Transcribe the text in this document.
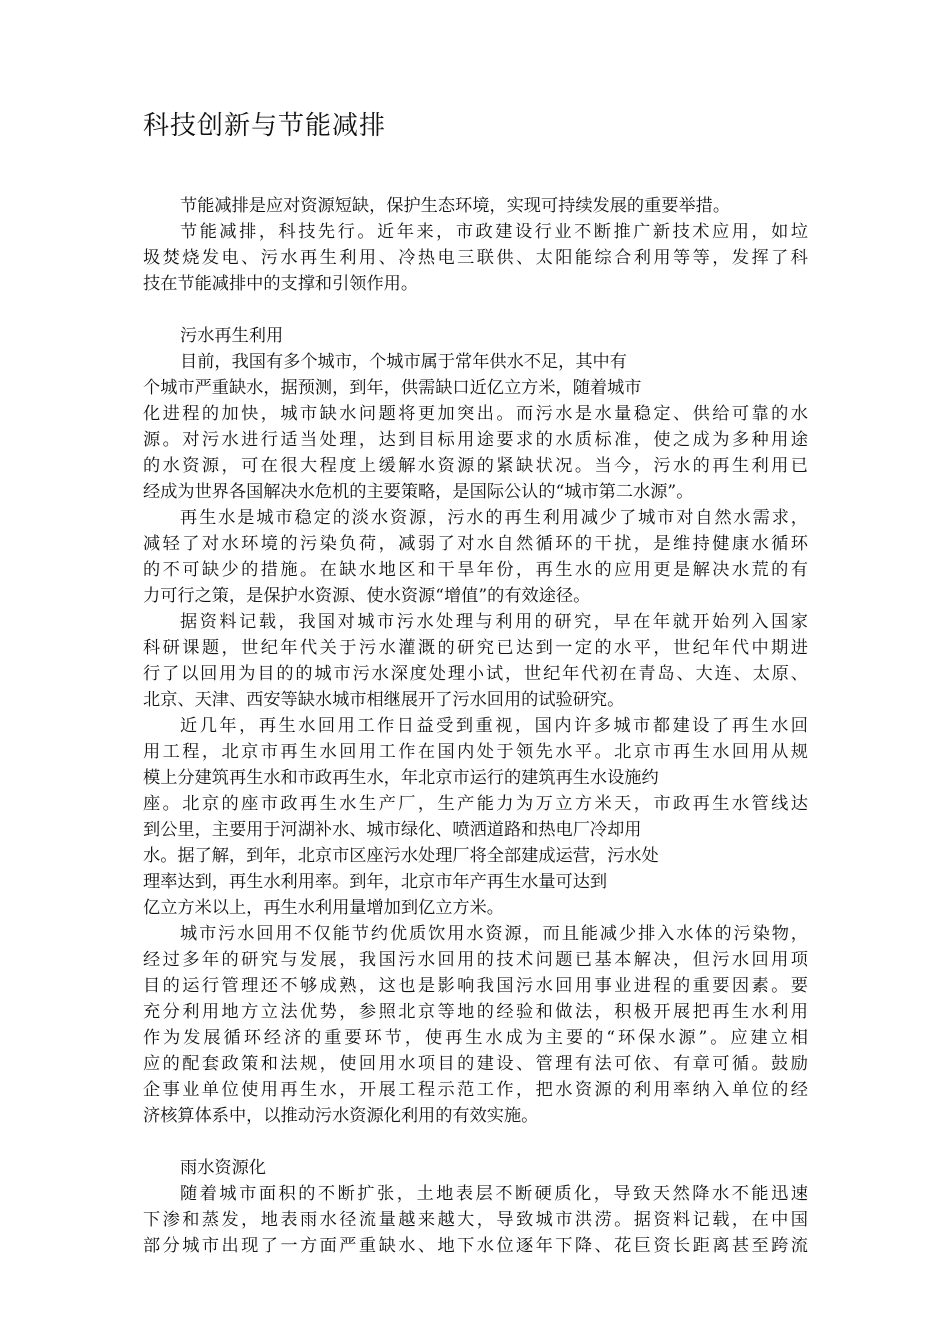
科技创新与节能减排
节能减排是应对资源短缺，保护生态环境，实现可持续发展的重要举措。
节能减排，科技先行。近年来，市政建设行业不断推广新技术应用，如垃
圾焚烧发电、污水再生利用、冷热电三联供、太阳能综合利用等等，发挥了科
技在节能减排中的支撑和引领作用。
污水再生利用
目前，我国有多个城市，个城市属于常年供水不足，其中有
个城市严重缺水，据预测，到年，供需缺口近亿立方米，随着城市
化进程的加快，城市缺水问题将更加突出。而污水是水量稳定、供给可靠的水
源。对污水进行适当处理，达到目标用途要求的水质标准，使之成为多种用途
的水资源，可在很大程度上缓解水资源的紧缺状况。当今，污水的再生利用已
经成为世界各国解决水危机的主要策略，是国际公认的“城市第二水源”。
再生水是城市稳定的淡水资源，污水的再生利用减少了城市对自然水需求，
减轻了对水环境的污染负荷，减弱了对水自然循环的干扰，是维持健康水循环
的不可缺少的措施。在缺水地区和干旱年份，再生水的应用更是解决水荒的有
力可行之策，是保护水资源、使水资源“增值”的有效途径。
据资料记载，我国对城市污水处理与利用的研究，早在年就开始列入国家
科研课题，世纪年代关于污水灌溉的研究已达到一定的水平，世纪年代中期进
行了以回用为目的的城市污水深度处理小试，世纪年代初在青岛、大连、太原、
北京、天津、西安等缺水城市相继展开了污水回用的试验研究。
近几年，再生水回用工作日益受到重视，国内许多城市都建设了再生水回
用工程，北京市再生水回用工作在国内处于领先水平。北京市再生水回用从规
模上分建筑再生水和市政再生水，年北京市运行的建筑再生水设施约
座。北京的座市政再生水生产厂，生产能力为万立方米天，市政再生水管线达
到公里，主要用于河湖补水、城市绿化、喷洒道路和热电厂冷却用
水。据了解，到年，北京市区座污水处理厂将全部建成运营，污水处
理率达到，再生水利用率。到年，北京市年产再生水量可达到
亿立方米以上，再生水利用量增加到亿立方米。
城市污水回用不仅能节约优质饮用水资源，而且能减少排入水体的污染物，
经过多年的研究与发展，我国污水回用的技术问题已基本解决，但污水回用项
目的运行管理还不够成熟，这也是影响我国污水回用事业进程的重要因素。要
充分利用地方立法优势，参照北京等地的经验和做法，积极开展把再生水利用
作为发展循环经济的重要环节，使再生水成为主要的“环保水源”。应建立相
应的配套政策和法规，使回用水项目的建设、管理有法可依、有章可循。鼓励
企事业单位使用再生水，开展工程示范工作，把水资源的利用率纳入单位的经
济核算体系中，以推动污水资源化利用的有效实施。
雨水资源化
随着城市面积的不断扩张，土地表层不断硬质化，导致天然降水不能迅速
下渗和蒸发，地表雨水径流量越来越大，导致城市洪涝。据资料记载，在中国
部分城市出现了一方面严重缺水、地下水位逐年下降、花巨资长距离甚至跨流
